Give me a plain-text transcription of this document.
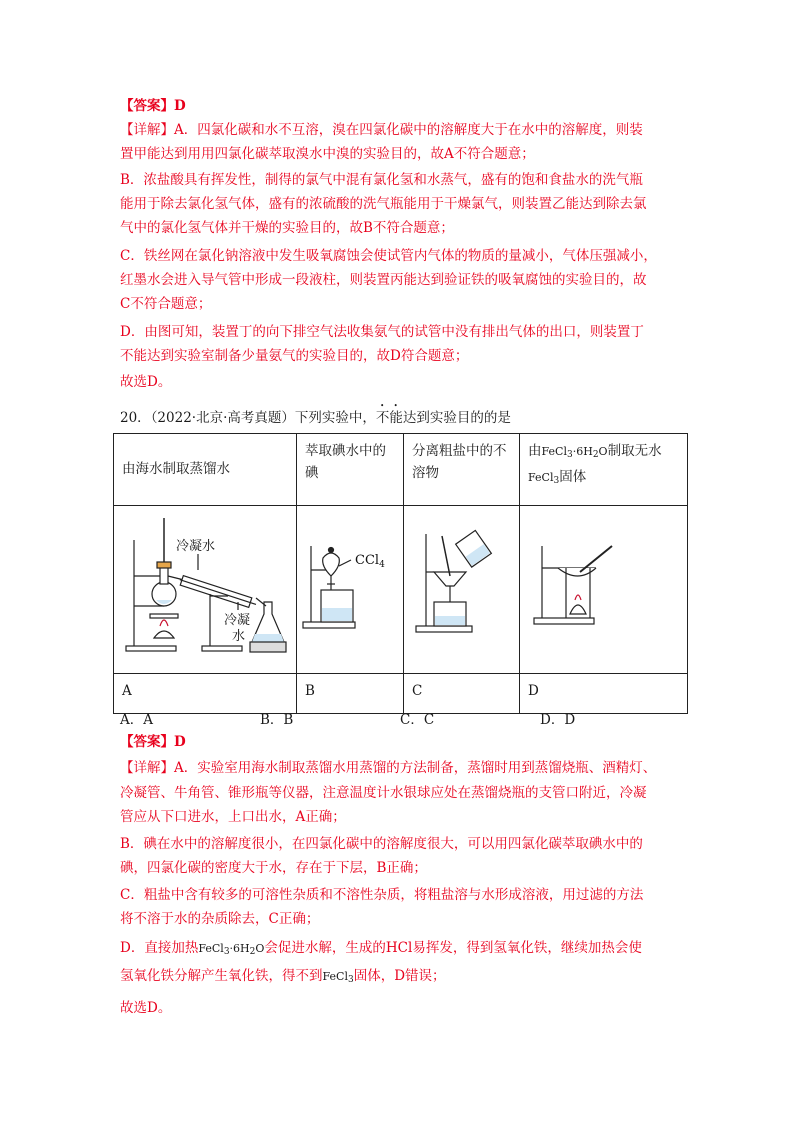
【答案】D
【详解】A．四氯化碳和水不互溶，溴在四氯化碳中的溶解度大于在水中的溶解度，则装
置甲能达到用用四氯化碳萃取溴水中溴的实验目的，故A不符合题意；
B．浓盐酸具有挥发性，制得的氯气中混有氯化氢和水蒸气，盛有的饱和食盐水的洗气瓶
能用于除去氯化氢气体，盛有的浓硫酸的洗气瓶能用于干燥氯气，则装置乙能达到除去氯
气中的氯化氢气体并干燥的实验目的，故B不符合题意；
C．铁丝网在氯化钠溶液中发生吸氧腐蚀会使试管内气体的物质的量减小，气体压强减小，
红墨水会进入导气管中形成一段液柱，则装置丙能达到验证铁的吸氧腐蚀的实验目的，故
C不符合题意；
D．由图可知，装置丁的向下排空气法收集氨气的试管中没有排出气体的出口，则装置丁
不能达到实验室制备少量氨气的实验目的，故D符合题意；
故选D。
20．（2022·北京·高考真题）下列实验中，不能达到实验目的的是
由海水制取蒸馏水	萃取碘水中的碘	分离粗盐中的不溶物	由$FeCl_3\cdot 6H_2O$制取无水
FeCl$_3$固体

冷凝水
冷凝
水	CCl$_4$

A	B	C	D
A．A	B．B	C．C	D．D
【答案】D
【详解】A．实验室用海水制取蒸馏水用蒸馏的方法制备，蒸馏时用到蒸馏烧瓶、酒精灯、
冷凝管、牛角管、锥形瓶等仪器，注意温度计水银球应处在蒸馏烧瓶的支管口附近，冷凝
管应从下口进水，上口出水，A正确；
B．碘在水中的溶解度很小，在四氯化碳中的溶解度很大，可以用四氯化碳萃取碘水中的
碘，四氯化碳的密度大于水，存在于下层，B正确；
C．粗盐中含有较多的可溶性杂质和不溶性杂质，将粗盐溶与水形成溶液，用过滤的方法
将不溶于水的杂质除去，C正确；
D．直接加热$FeCl_3\cdot 6H_2O$会促进水解，生成的HCl易挥发，得到氢氧化铁，继续加热会使
氢氧化铁分解产生氧化铁，得不到FeCl$_3$固体，D错误；
故选D。
